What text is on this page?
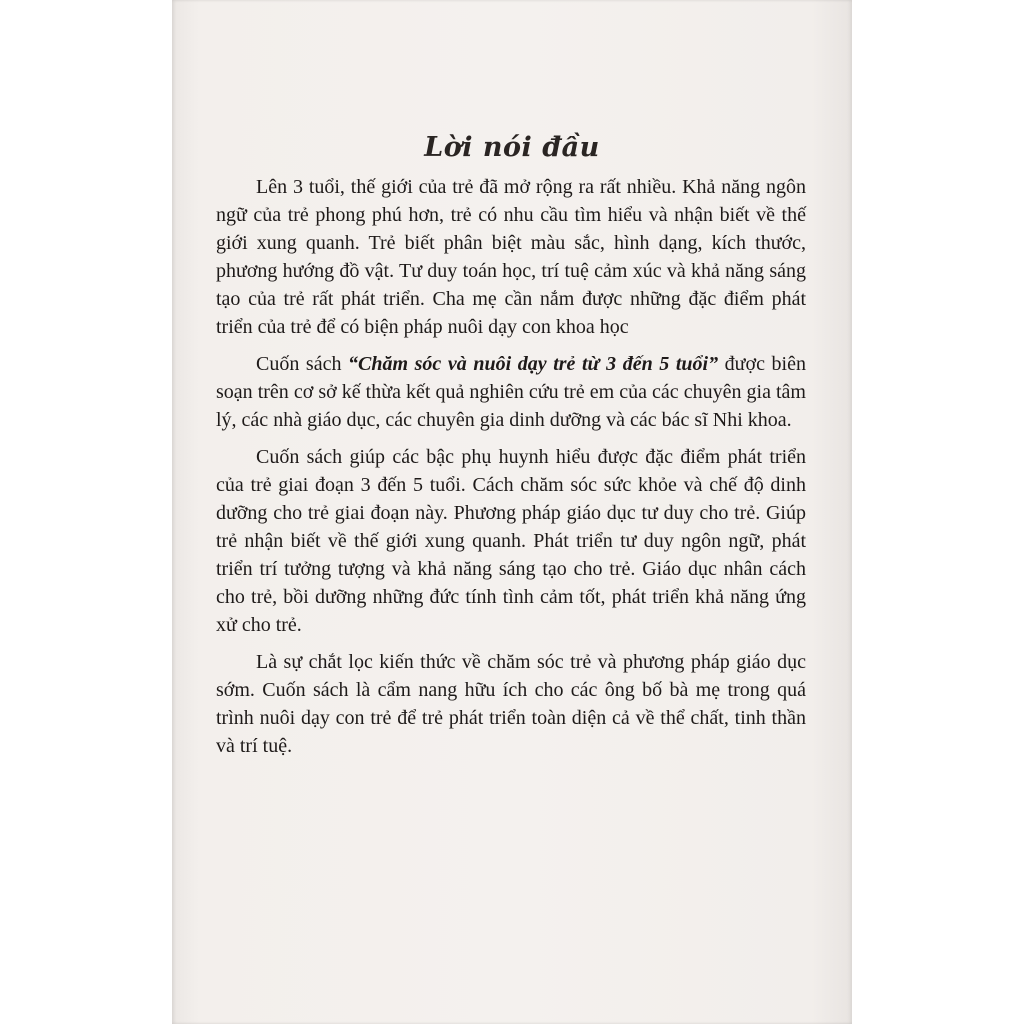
Lời nói đầu

Lên 3 tuổi, thế giới của trẻ đã mở rộng ra rất nhiều. Khả năng ngôn ngữ của trẻ phong phú hơn, trẻ có nhu cầu tìm hiểu và nhận biết về thế giới xung quanh. Trẻ biết phân biệt màu sắc, hình dạng, kích thước, phương hướng đồ vật. Tư duy toán học, trí tuệ cảm xúc và khả năng sáng tạo của trẻ rất phát triển. Cha mẹ cần nắm được những đặc điểm phát triển của trẻ để có biện pháp nuôi dạy con khoa học

Cuốn sách “Chăm sóc và nuôi dạy trẻ từ 3 đến 5 tuổi” được biên soạn trên cơ sở kế thừa kết quả nghiên cứu trẻ em của các chuyên gia tâm lý, các nhà giáo dục, các chuyên gia dinh dưỡng và các bác sĩ Nhi khoa.

Cuốn sách giúp các bậc phụ huynh hiểu được đặc điểm phát triển của trẻ giai đoạn 3 đến 5 tuổi. Cách chăm sóc sức khỏe và chế độ dinh dưỡng cho trẻ giai đoạn này. Phương pháp giáo dục tư duy cho trẻ. Giúp trẻ nhận biết về thế giới xung quanh. Phát triển tư duy ngôn ngữ, phát triển trí tưởng tượng và khả năng sáng tạo cho trẻ. Giáo dục nhân cách cho trẻ, bồi dưỡng những đức tính tình cảm tốt, phát triển khả năng ứng xử cho trẻ.

Là sự chắt lọc kiến thức về chăm sóc trẻ và phương pháp giáo dục sớm. Cuốn sách là cẩm nang hữu ích cho các ông bố bà mẹ trong quá trình nuôi dạy con trẻ để trẻ phát triển toàn diện cả về thể chất, tinh thần và trí tuệ.
